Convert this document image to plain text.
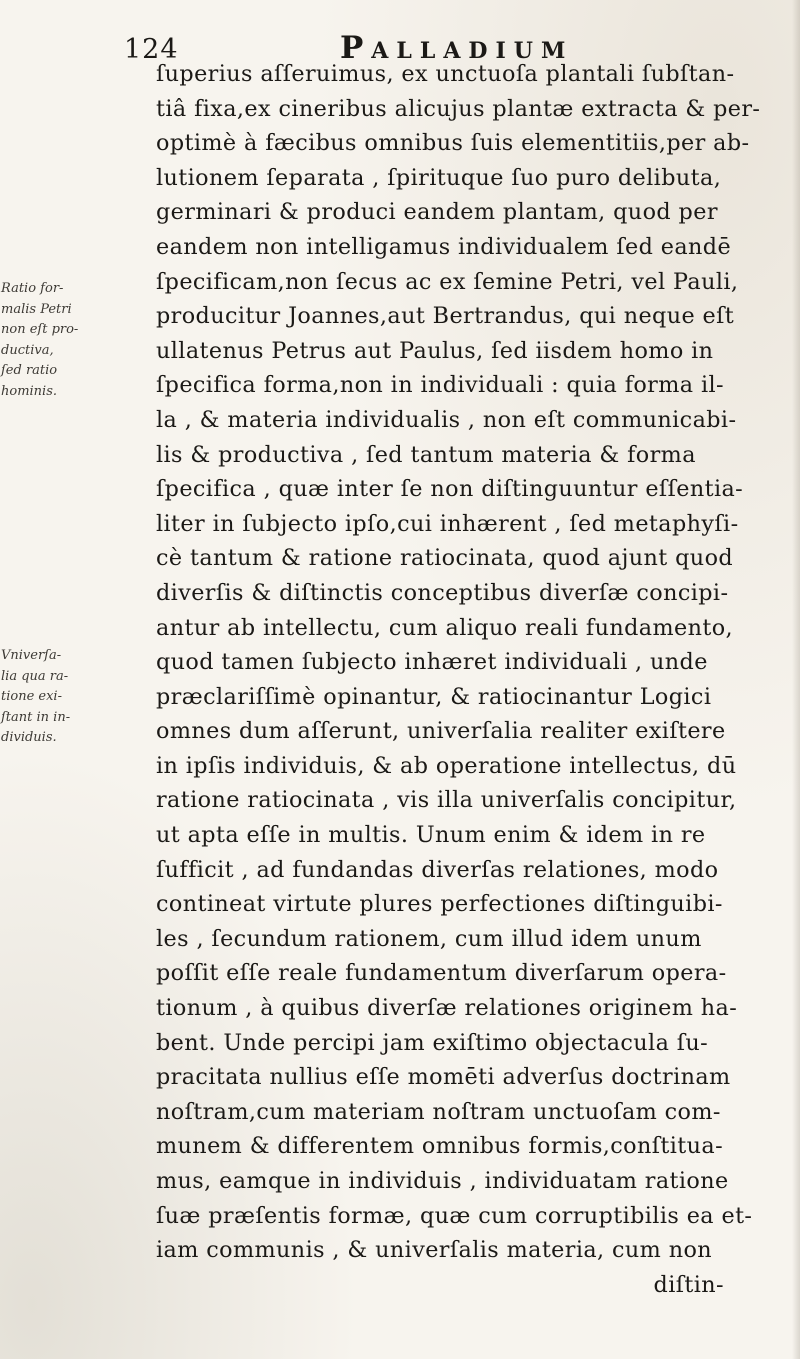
124	Palladium
Ratio for-
malis Petri
non eſt pro-
ductiva,
ſed ratio
hominis.
Vniverſa-
lia qua ra-
tione exi-
ſtant in in-
dividuis.
ſuperius aſſeruimus, ex unctuoſa plantali ſubſtan-
tiâ fixa,ex cineribus alicujus plantæ extracta & per-
optimè à fæcibus omnibus ſuis elementitiis,per ab-
lutionem ſeparata , ſpirituque ſuo puro delibuta,
germinari & produci eandem plantam, quod per
eandem non intelligamus individualem ſed eandē
ſpecificam,non ſecus ac ex ſemine Petri, vel Pauli,
producitur Joannes,aut Bertrandus, qui neque eſt
ullatenus Petrus aut Paulus, ſed iisdem homo in
ſpecifica forma,non in individuali : quia forma il-
la , & materia individualis , non eſt communicabi-
lis & productiva , ſed tantum materia & forma
ſpecifica , quæ inter ſe non diſtinguuntur eſſentia-
liter in ſubjecto ipſo,cui inhærent , ſed metaphyſi-
cè tantum & ratione ratiocinata, quod ajunt quod
diverſis & diſtinctis conceptibus diverſæ concipi-
antur ab intellectu, cum aliquo reali fundamento,
quod tamen ſubjecto inhæret individuali , unde
præclariſſimè opinantur, & ratiocinantur Logici
omnes dum aſſerunt, univerſalia realiter exiſtere
in ipſis individuis, & ab operatione intellectus, dū
ratione ratiocinata , vis illa univerſalis concipitur,
ut apta eſſe in multis. Unum enim & idem in re
ſufficit , ad fundandas diverſas relationes, modo
contineat virtute plures perfectiones diſtinguibi-
les , ſecundum rationem, cum illud idem unum
poſſit eſſe reale fundamentum diverſarum opera-
tionum , à quibus diverſæ relationes originem ha-
bent. Unde percipi jam exiſtimo objectacula ſu-
pracitata nullius eſſe momēti adverſus doctrinam
noſtram,cum materiam noſtram unctuoſam com-
munem & differentem omnibus formis,conſtitua-
mus, eamque in individuis , individuatam ratione
ſuæ præſentis formæ, quæ cum corruptibilis ea et-
iam communis , & univerſalis materia, cum non
diſtin-
